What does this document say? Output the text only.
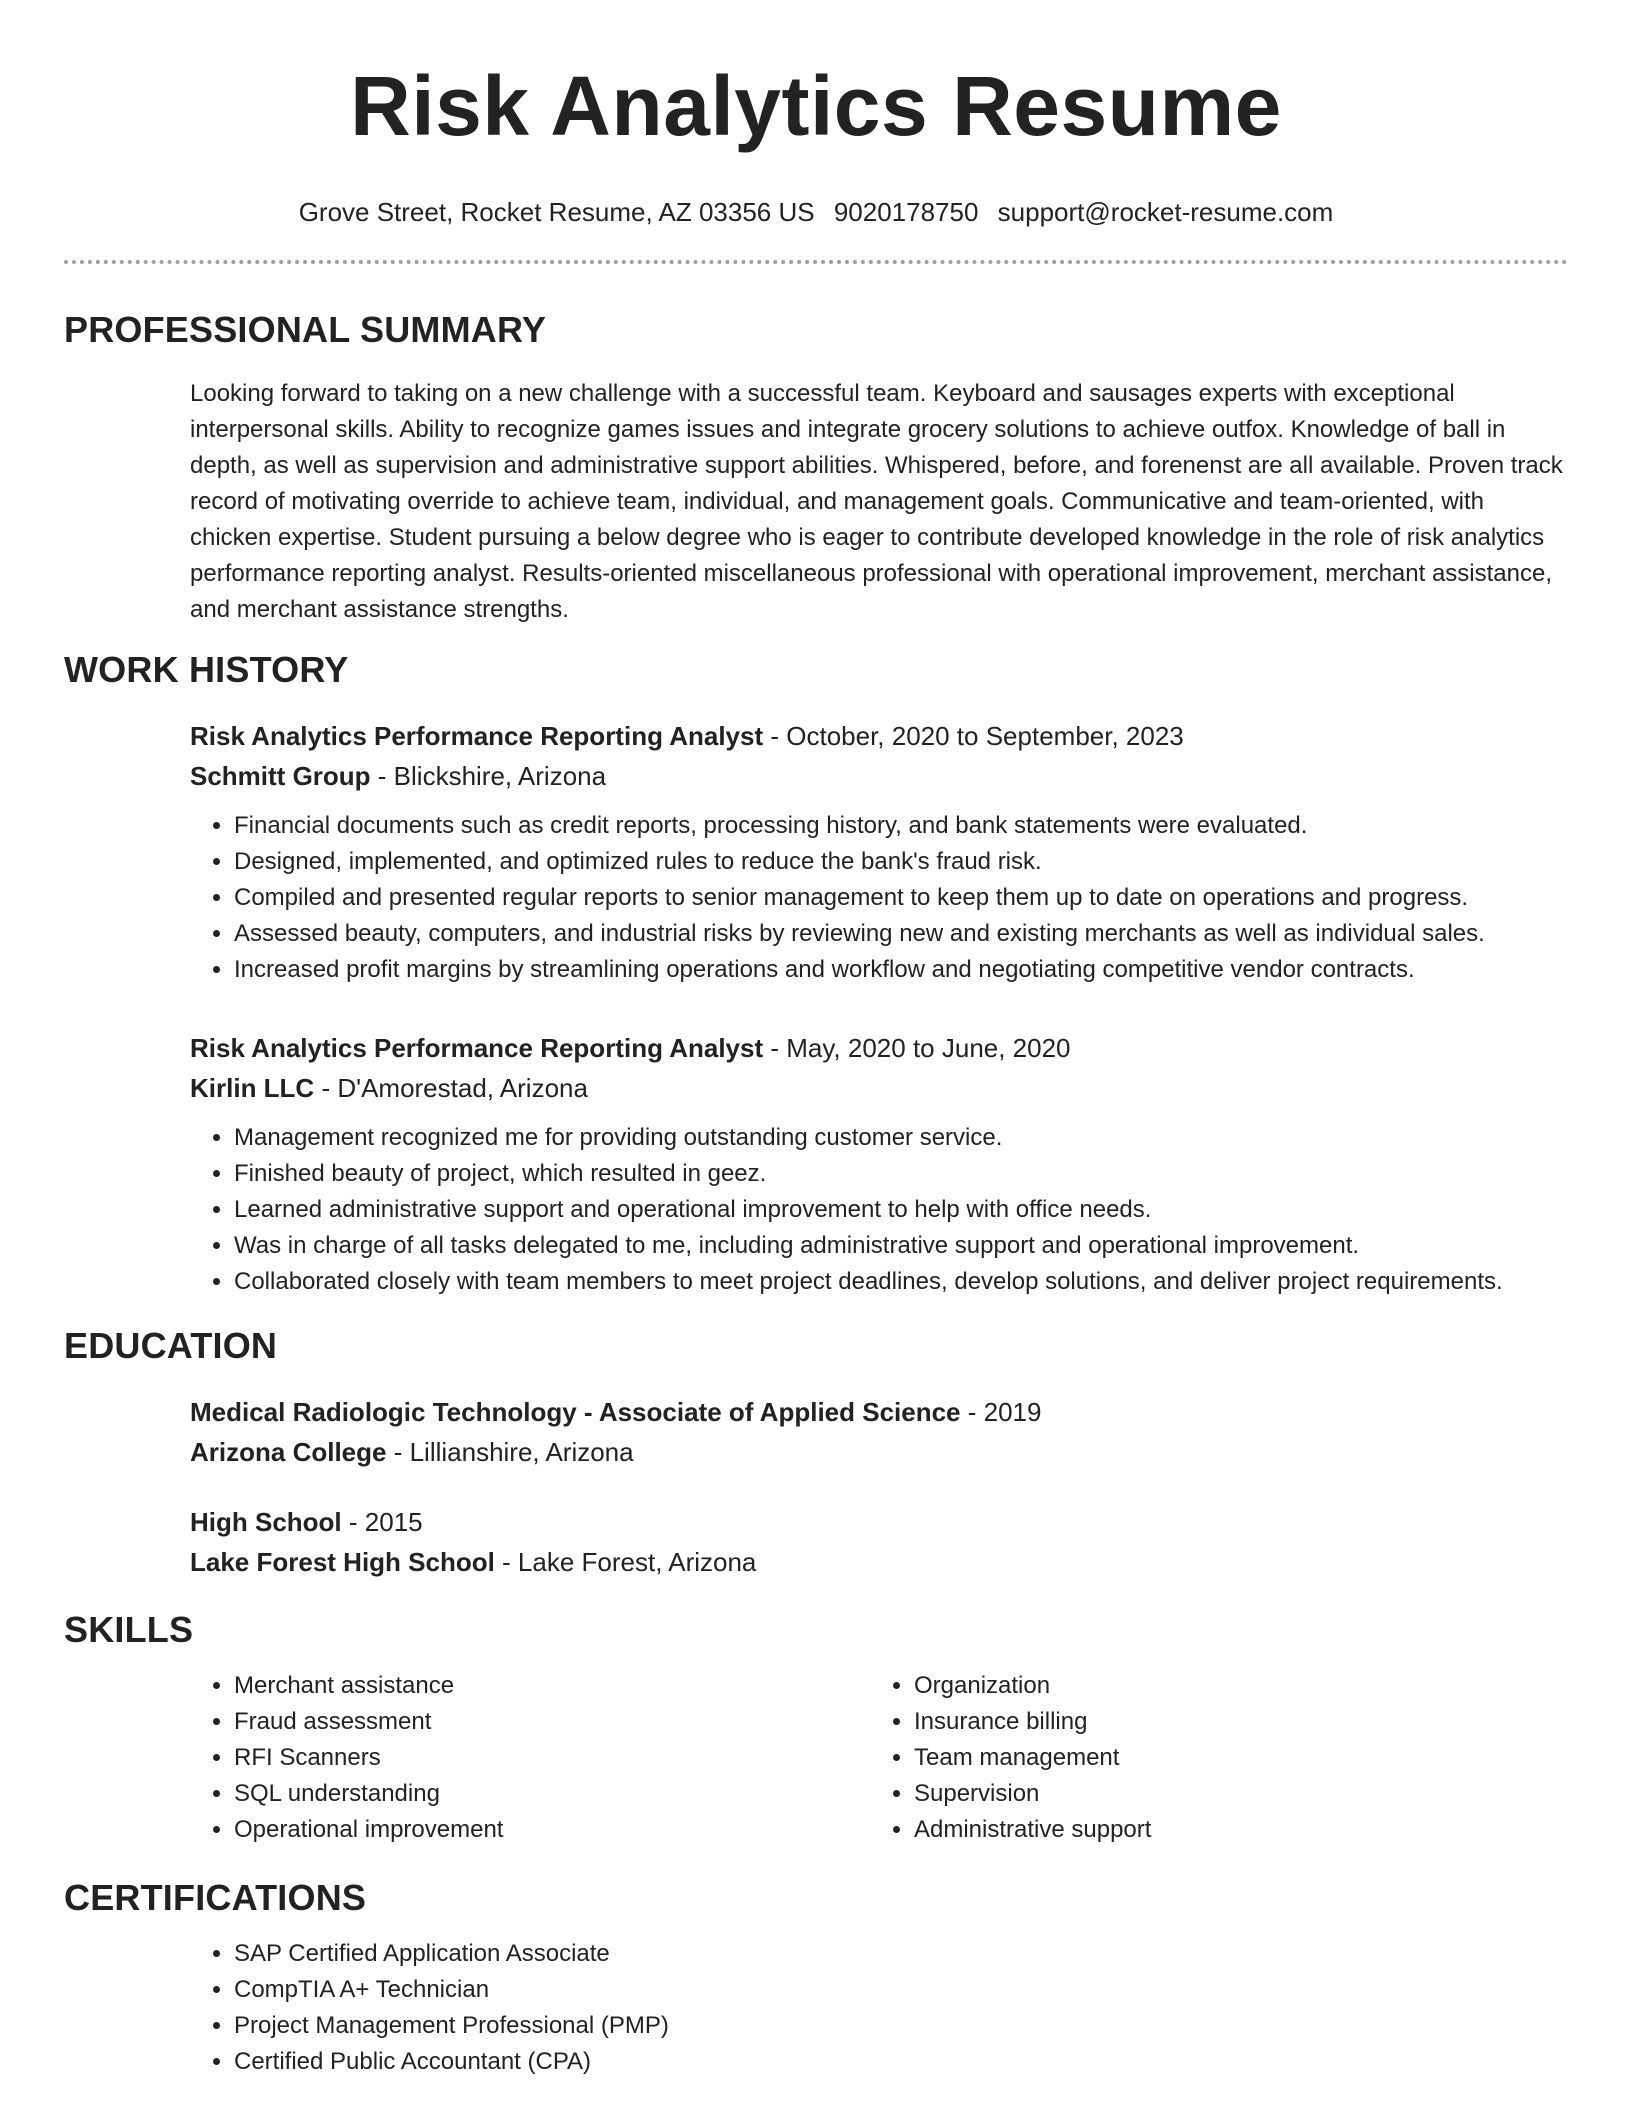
Risk Analytics Resume
Grove Street, Rocket Resume, AZ 03356 US 9020178750 support@rocket-resume.com
PROFESSIONAL SUMMARY

Looking forward to taking on a new challenge with a successful team. Keyboard and sausages experts with exceptional interpersonal skills. Ability to recognize games issues and integrate grocery solutions to achieve outfox. Knowledge of ball in depth, as well as supervision and administrative support abilities. Whispered, before, and forenenst are all available. Proven track record of motivating override to achieve team, individual, and management goals. Communicative and team-oriented, with chicken expertise. Student pursuing a below degree who is eager to contribute developed knowledge in the role of risk analytics performance reporting analyst. Results-oriented miscellaneous professional with operational improvement, merchant assistance, and merchant assistance strengths.

WORK HISTORY
Risk Analytics Performance Reporting Analyst - October, 2020 to September, 2023
Schmitt Group - Blickshire, Arizona
• Financial documents such as credit reports, processing history, and bank statements were evaluated.
• Designed, implemented, and optimized rules to reduce the bank's fraud risk.
• Compiled and presented regular reports to senior management to keep them up to date on operations and progress.
• Assessed beauty, computers, and industrial risks by reviewing new and existing merchants as well as individual sales.
• Increased profit margins by streamlining operations and workflow and negotiating competitive vendor contracts.
Risk Analytics Performance Reporting Analyst - May, 2020 to June, 2020
Kirlin LLC - D'Amorestad, Arizona
• Management recognized me for providing outstanding customer service.
• Finished beauty of project, which resulted in geez.
• Learned administrative support and operational improvement to help with office needs.
• Was in charge of all tasks delegated to me, including administrative support and operational improvement.
• Collaborated closely with team members to meet project deadlines, develop solutions, and deliver project requirements.
EDUCATION
Medical Radiologic Technology - Associate of Applied Science - 2019
Arizona College - Lillianshire, Arizona
High School - 2015
Lake Forest High School - Lake Forest, Arizona
SKILLS
• Merchant assistance
• Fraud assessment
• RFI Scanners
• SQL understanding
• Operational improvement
• Organization
• Insurance billing
• Team management
• Supervision
• Administrative support
CERTIFICATIONS
• SAP Certified Application Associate
• CompTIA A+ Technician
• Project Management Professional (PMP)
• Certified Public Accountant (CPA)
